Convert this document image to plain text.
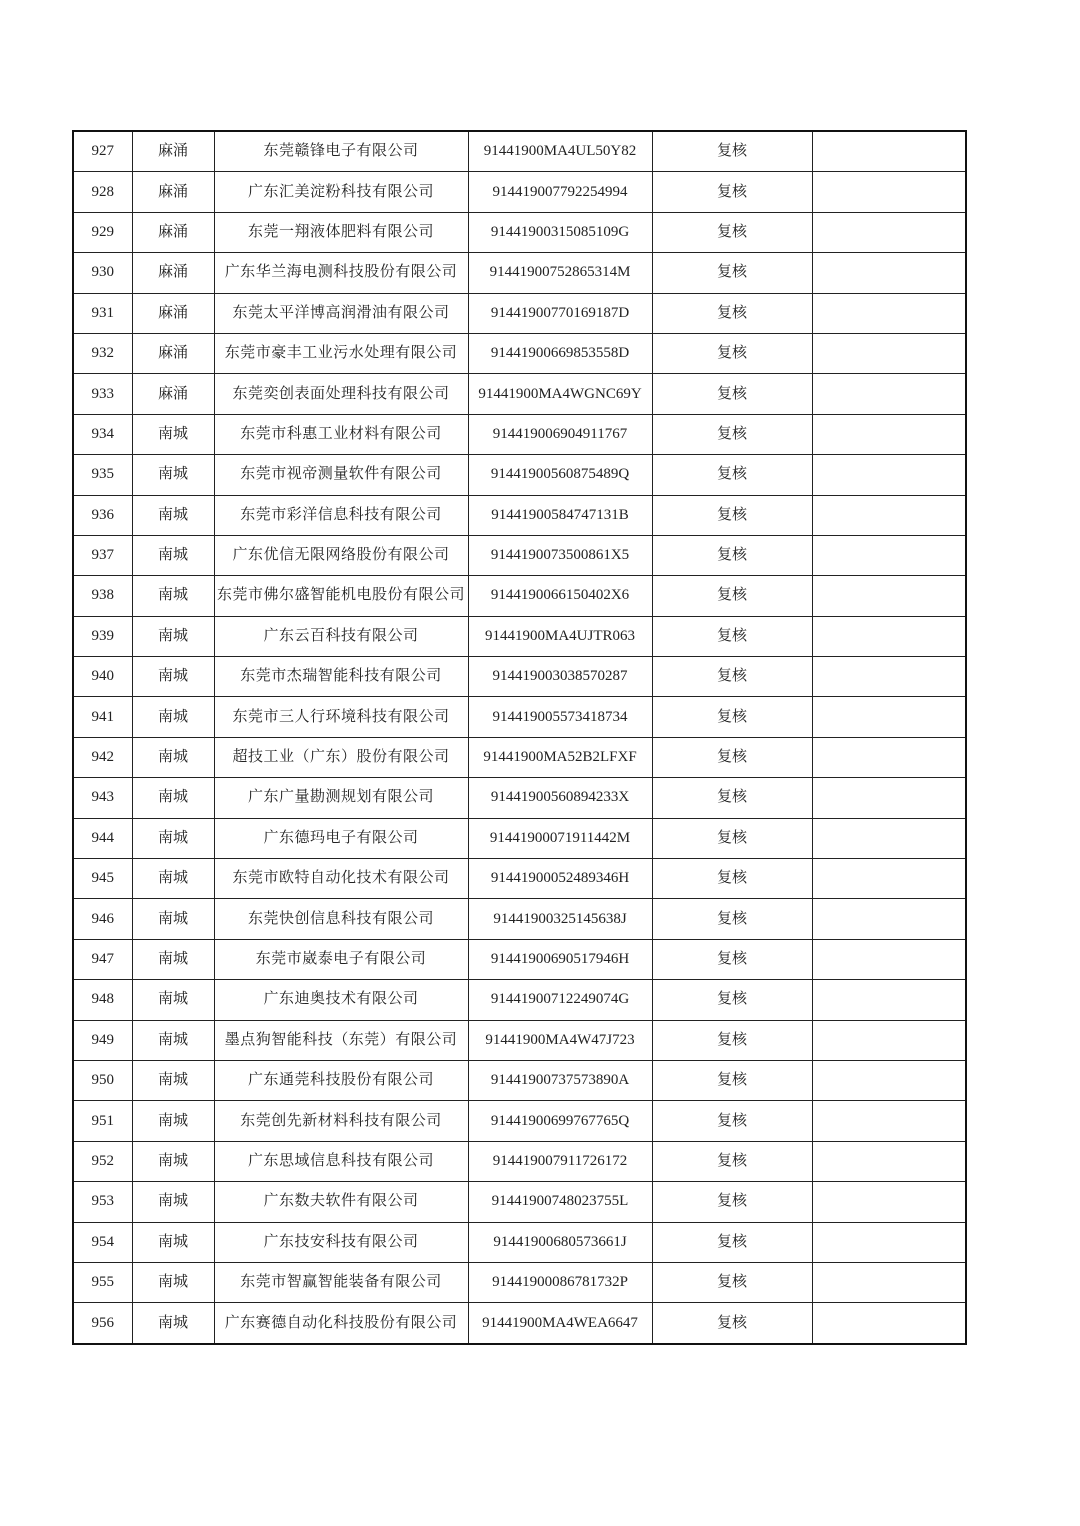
927	麻涌	东莞赣锋电子有限公司	91441900MA4UL50Y82	复核	
928	麻涌	广东汇美淀粉科技有限公司	914419007792254994	复核	
929	麻涌	东莞一翔液体肥料有限公司	91441900315085109G	复核	
930	麻涌	广东华兰海电测科技股份有限公司	91441900752865314M	复核	
931	麻涌	东莞太平洋博高润滑油有限公司	91441900770169187D	复核	
932	麻涌	东莞市豪丰工业污水处理有限公司	91441900669853558D	复核	
933	麻涌	东莞奕创表面处理科技有限公司	91441900MA4WGNC69Y	复核	
934	南城	东莞市科惠工业材料有限公司	914419006904911767	复核	
935	南城	东莞市视帝测量软件有限公司	91441900560875489Q	复核	
936	南城	东莞市彩洋信息科技有限公司	91441900584747131B	复核	
937	南城	广东优信无限网络股份有限公司	9144190073500861X5	复核	
938	南城	东莞市佛尔盛智能机电股份有限公司	9144190066150402X6	复核	
939	南城	广东云百科技有限公司	91441900MA4UJTR063	复核	
940	南城	东莞市杰瑞智能科技有限公司	914419003038570287	复核	
941	南城	东莞市三人行环境科技有限公司	914419005573418734	复核	
942	南城	超技工业（广东）股份有限公司	91441900MA52B2LFXF	复核	
943	南城	广东广量勘测规划有限公司	91441900560894233X	复核	
944	南城	广东德玛电子有限公司	91441900071911442M	复核	
945	南城	东莞市欧特自动化技术有限公司	91441900052489346H	复核	
946	南城	东莞快创信息科技有限公司	91441900325145638J	复核	
947	南城	东莞市崴泰电子有限公司	91441900690517946H	复核	
948	南城	广东迪奥技术有限公司	91441900712249074G	复核	
949	南城	墨点狗智能科技（东莞）有限公司	91441900MA4W47J723	复核	
950	南城	广东通莞科技股份有限公司	91441900737573890A	复核	
951	南城	东莞创先新材料科技有限公司	91441900699767765Q	复核	
952	南城	广东思域信息科技有限公司	914419007911726172	复核	
953	南城	广东数夫软件有限公司	91441900748023755L	复核	
954	南城	广东技安科技有限公司	91441900680573661J	复核	
955	南城	东莞市智赢智能装备有限公司	91441900086781732P	复核	
956	南城	广东赛德自动化科技股份有限公司	91441900MA4WEA6647	复核	
